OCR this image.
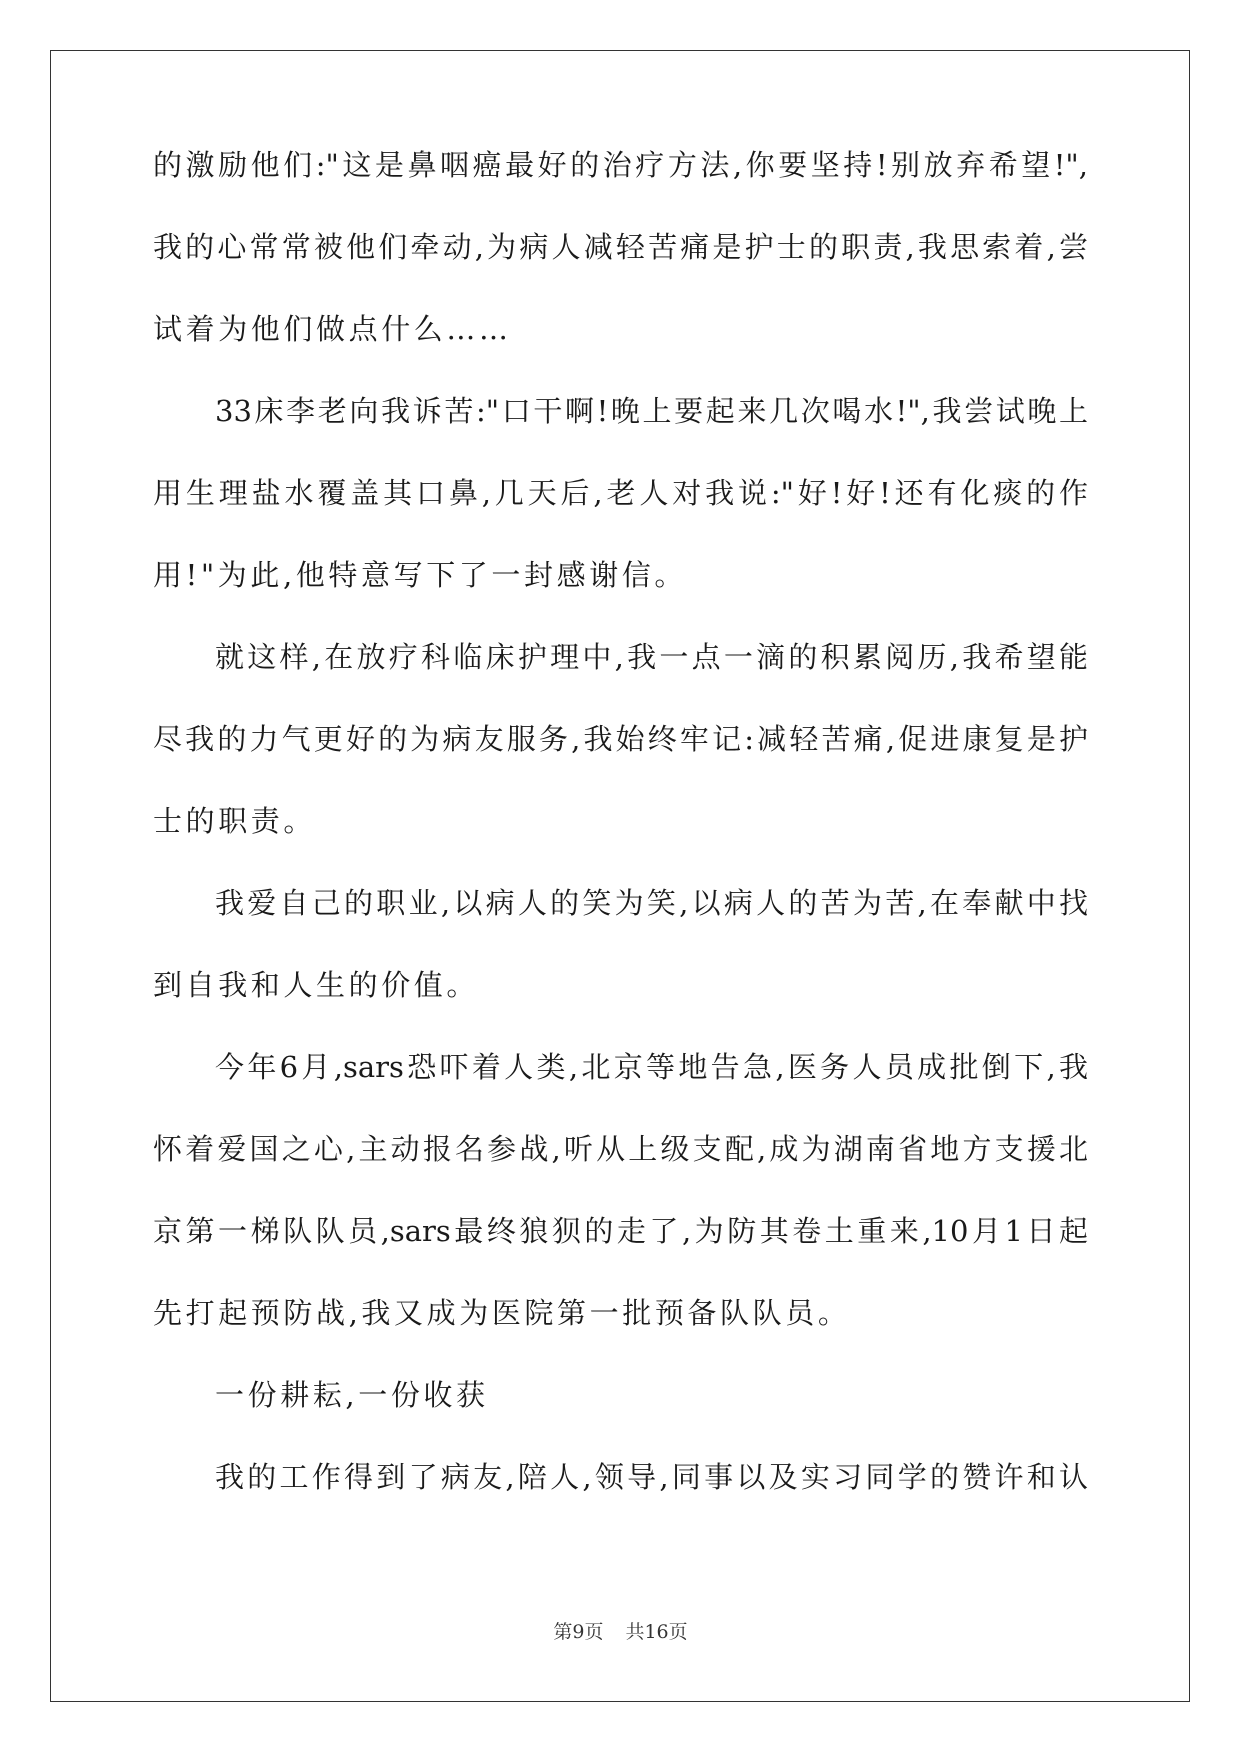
的激励他们:"这是鼻咽癌最好的治疗方法,你要坚持!别放弃希望!",
我的心常常被他们牵动,为病人减轻苦痛是护士的职责,我思索着,尝
试着为他们做点什么……
33床李老向我诉苦:"口干啊!晚上要起来几次喝水!",我尝试晚上
用生理盐水覆盖其口鼻,几天后,老人对我说:"好!好!还有化痰的作
用!"为此,他特意写下了一封感谢信。
就这样,在放疗科临床护理中,我一点一滴的积累阅历,我希望能
尽我的力气更好的为病友服务,我始终牢记:减轻苦痛,促进康复是护
士的职责。
我爱自己的职业,以病人的笑为笑,以病人的苦为苦,在奉献中找
到自我和人生的价值。
今年6月,sars恐吓着人类,北京等地告急,医务人员成批倒下,我
怀着爱国之心,主动报名参战,听从上级支配,成为湖南省地方支援北
京第一梯队队员,sars最终狼狈的走了,为防其卷土重来,10月1日起
先打起预防战,我又成为医院第一批预备队队员。
一份耕耘,一份收获
我的工作得到了病友,陪人,领导,同事以及实习同学的赞许和认
第9页 共16页
